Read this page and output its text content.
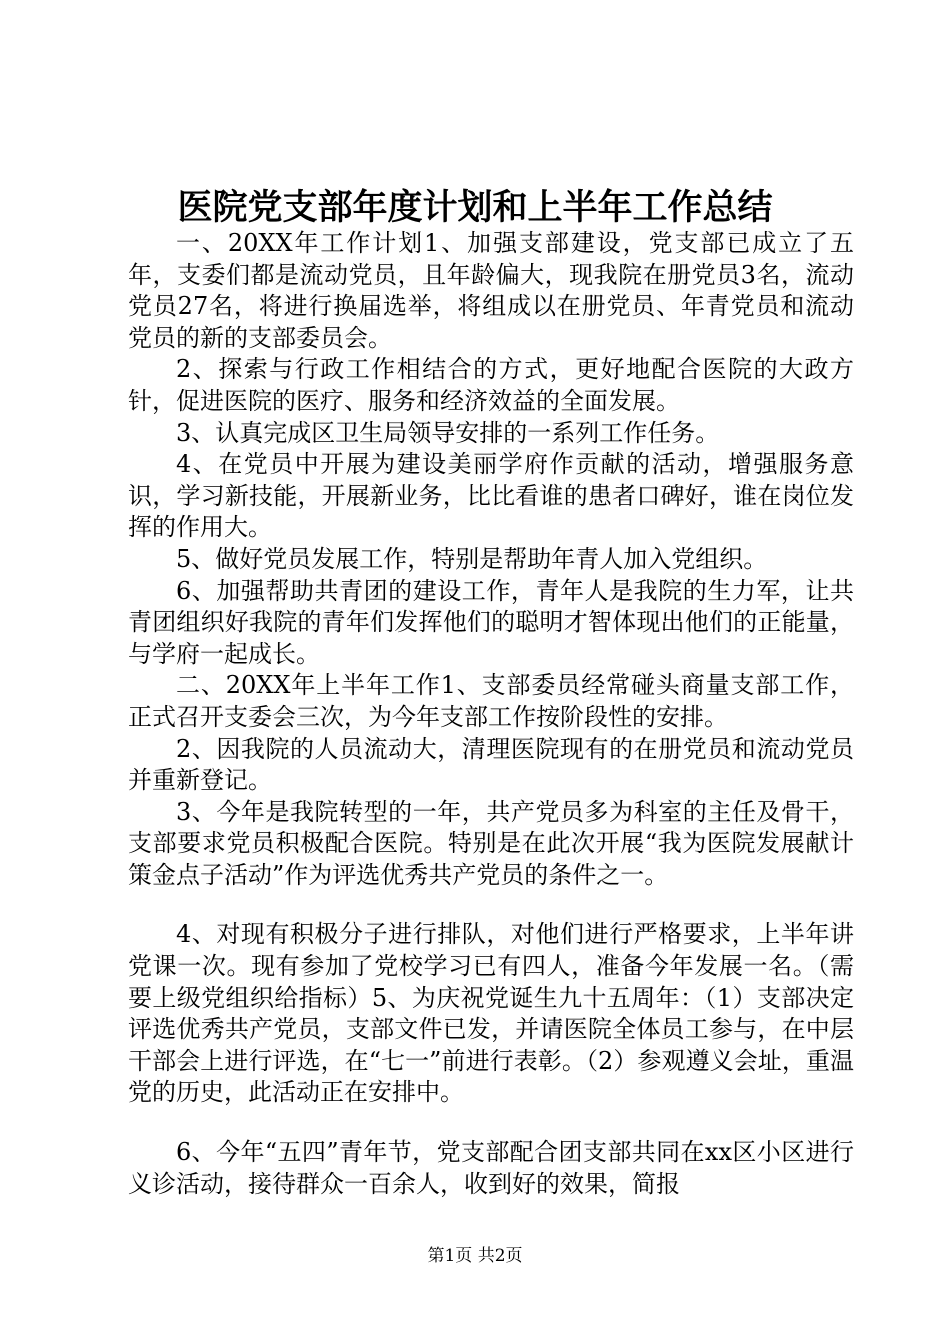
医院党支部年度计划和上半年工作总结

一、20XX年工作计划1、加强支部建设，党支部已成立了五年，支委们都是流动党员，且年龄偏大，现我院在册党员3名，流动党员27名，将进行换届选举，将组成以在册党员、年青党员和流动党员的新的支部委员会。

2、探索与行政工作相结合的方式，更好地配合医院的大政方针，促进医院的医疗、服务和经济效益的全面发展。

3、认真完成区卫生局领导安排的一系列工作任务。

4、在党员中开展为建设美丽学府作贡献的活动，增强服务意识，学习新技能，开展新业务，比比看谁的患者口碑好，谁在岗位发挥的作用大。

5、做好党员发展工作，特别是帮助年青人加入党组织。

6、加强帮助共青团的建设工作，青年人是我院的生力军，让共青团组织好我院的青年们发挥他们的聪明才智体现出他们的正能量，与学府一起成长。

二、20XX年上半年工作1、支部委员经常碰头商量支部工作，正式召开支委会三次，为今年支部工作按阶段性的安排。

2、因我院的人员流动大，清理医院现有的在册党员和流动党员并重新登记。

3、今年是我院转型的一年，共产党员多为科室的主任及骨干，支部要求党员积极配合医院。特别是在此次开展“我为医院发展献计策金点子活动”作为评选优秀共产党员的条件之一。

4、对现有积极分子进行排队，对他们进行严格要求，上半年讲党课一次。现有参加了党校学习已有四人，准备今年发展一名。（需要上级党组织给指标）5、为庆祝党诞生九十五周年：（1）支部决定评选优秀共产党员，支部文件已发，并请医院全体员工参与，在中层干部会上进行评选，在“七一”前进行表彰。（2）参观遵义会址，重温党的历史，此活动正在安排中。

6、今年“五四”青年节，党支部配合团支部共同在xx区小区进行义诊活动，接待群众一百余人，收到好的效果，简报

第1页 共2页
